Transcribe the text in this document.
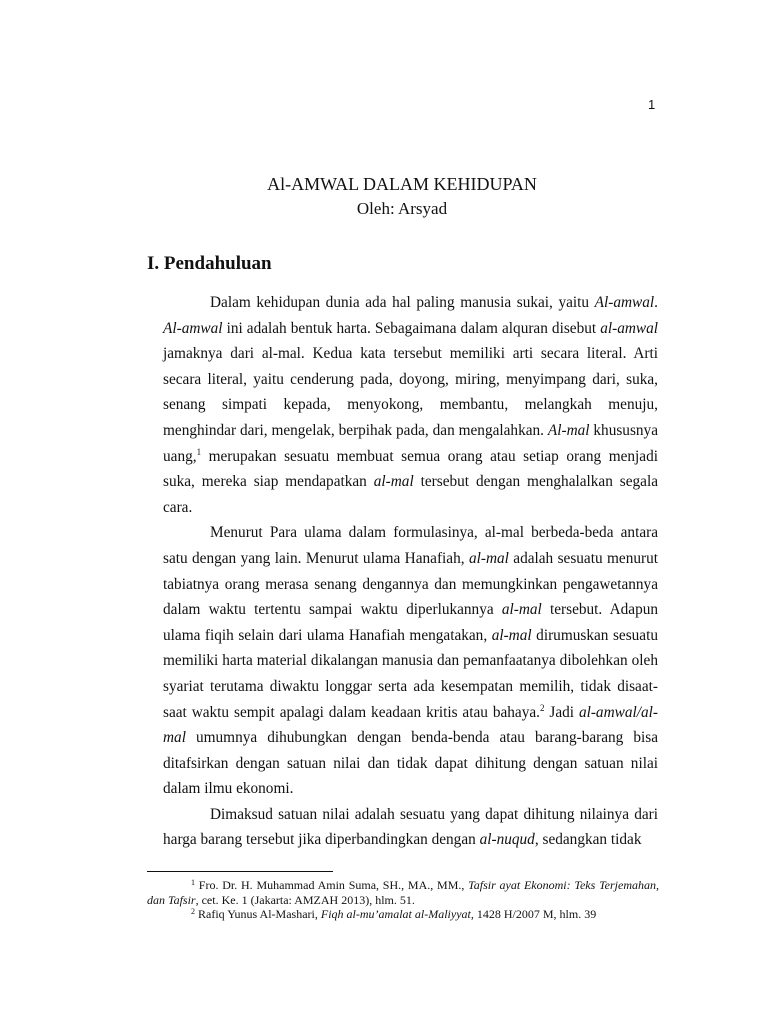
1
Al-AMWAL DALAM KEHIDUPAN
Oleh: Arsyad
I. Pendahuluan

Dalam kehidupan dunia ada hal paling manusia sukai, yaitu Al-amwal. Al-amwal ini adalah bentuk harta. Sebagaimana dalam alquran disebut al-amwal jamaknya dari al-mal. Kedua kata tersebut memiliki arti secara literal. Arti secara literal, yaitu cenderung pada, doyong, miring, menyimpang dari, suka, senang simpati kepada, menyokong, membantu, melangkah menuju, menghindar dari, mengelak, berpihak pada, dan mengalahkan. Al-mal khususnya uang,$^1$ merupakan sesuatu membuat semua orang atau setiap orang menjadi suka, mereka siap mendapatkan al-mal tersebut dengan menghalalkan segala cara.

Menurut Para ulama dalam formulasinya, al-mal berbeda-beda antara satu dengan yang lain. Menurut ulama Hanafiah, al-mal adalah sesuatu menurut tabiatnya orang merasa senang dengannya dan memungkinkan pengawetannya dalam waktu tertentu sampai waktu diperlukannya al-mal tersebut. Adapun ulama fiqih selain dari ulama Hanafiah mengatakan, al-mal dirumuskan sesuatu memiliki harta material dikalangan manusia dan pemanfaatanya dibolehkan oleh syariat terutama diwaktu longgar serta ada kesempatan memilih, tidak disaat-saat waktu sempit apalagi dalam keadaan kritis atau bahaya.$^2$ Jadi al-amwal/al-mal umumnya dihubungkan dengan benda-benda atau barang-barang bisa ditafsirkan dengan satuan nilai dan tidak dapat dihitung dengan satuan nilai dalam ilmu ekonomi.

Dimaksud satuan nilai adalah sesuatu yang dapat dihitung nilainya dari harga barang tersebut jika diperbandingkan dengan al-nuqud, sedangkan tidak

$^1$ Fro. Dr. H. Muhammad Amin Suma, SH., MA., MM., Tafsir ayat Ekonomi: Teks Terjemahan, dan Tafsir, cet. Ke. 1 (Jakarta: AMZAH 2013), hlm. 51.

$^2$ Rafiq Yunus Al-Mashari, Fiqh al-mu’amalat al-Maliyyat, 1428 H/2007 M, hlm. 39
